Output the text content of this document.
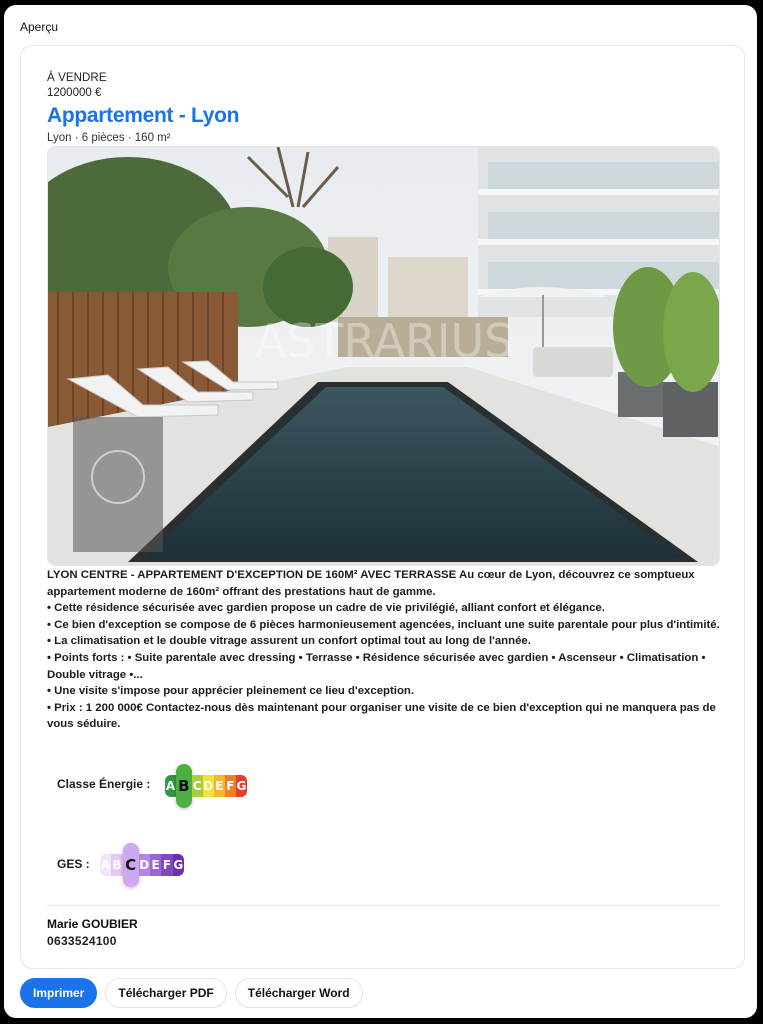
Aperçu
À VENDRE
1200000 €
Appartement - Lyon
Lyon · 6 pièces · 160 m²
ASTRARIUS

LYON CENTRE - APPARTEMENT D'EXCEPTION DE 160M² AVEC TERRASSE Au cœur de Lyon, découvrez ce somptueux appartement moderne de 160m² offrant des prestations haut de gamme.

• Cette résidence sécurisée avec gardien propose un cadre de vie privilégié, alliant confort et élégance.

• Ce bien d'exception se compose de 6 pièces harmonieusement agencées, incluant une suite parentale pour plus d'intimité.

• La climatisation et le double vitrage assurent un confort optimal tout au long de l'année.

• Points forts : • Suite parentale avec dressing • Terrasse • Résidence sécurisée avec gardien • Ascenseur • Climatisation • Double vitrage •...

• Une visite s'impose pour apprécier pleinement ce lieu d'exception.

• Prix : 1 200 000€ Contactez-nous dès maintenant pour organiser une visite de ce bien d'exception qui ne manquera pas de vous séduire.

Classe Énergie : A B C D E F G
GES : A B C D E F G
Marie GOUBIER
0633524100
Imprimer	Télécharger PDF	Télécharger Word
